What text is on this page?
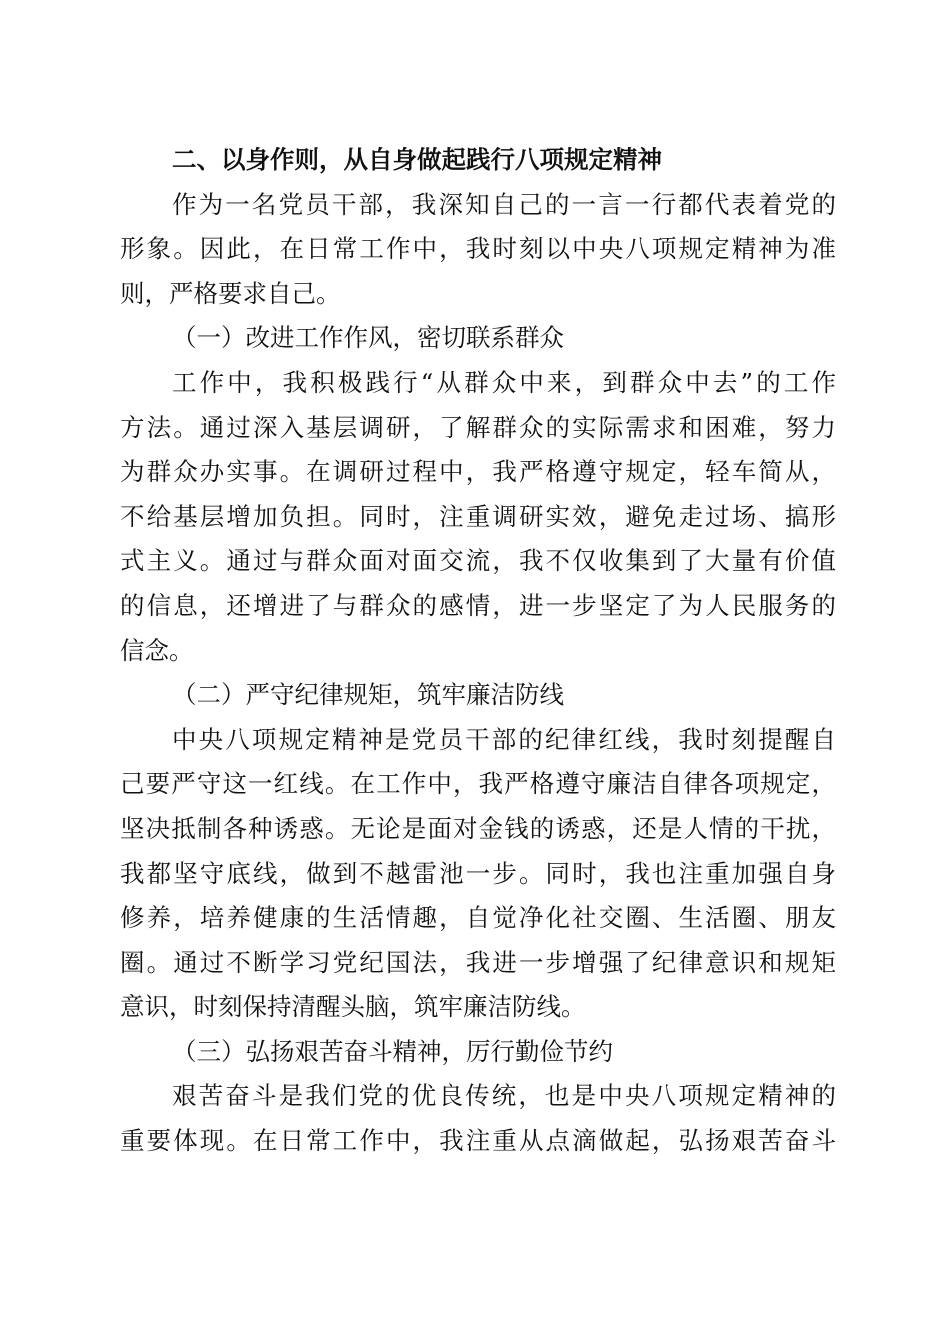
二、以身作则，从自身做起践行八项规定精神
作为一名党员干部，我深知自己的一言一行都代表着党的
形象。因此，在日常工作中，我时刻以中央八项规定精神为准
则，严格要求自己。
（一）改进工作作风，密切联系群众
工作中，我积极践行“从群众中来，到群众中去”的工作
方法。通过深入基层调研，了解群众的实际需求和困难，努力
为群众办实事。在调研过程中，我严格遵守规定，轻车简从，
不给基层增加负担。同时，注重调研实效，避免走过场、搞形
式主义。通过与群众面对面交流，我不仅收集到了大量有价值
的信息，还增进了与群众的感情，进一步坚定了为人民服务的
信念。
（二）严守纪律规矩，筑牢廉洁防线
中央八项规定精神是党员干部的纪律红线，我时刻提醒自
己要严守这一红线。在工作中，我严格遵守廉洁自律各项规定，
坚决抵制各种诱惑。无论是面对金钱的诱惑，还是人情的干扰，
我都坚守底线，做到不越雷池一步。同时，我也注重加强自身
修养，培养健康的生活情趣，自觉净化社交圈、生活圈、朋友
圈。通过不断学习党纪国法，我进一步增强了纪律意识和规矩
意识，时刻保持清醒头脑，筑牢廉洁防线。
（三）弘扬艰苦奋斗精神，厉行勤俭节约
艰苦奋斗是我们党的优良传统，也是中央八项规定精神的
重要体现。在日常工作中，我注重从点滴做起，弘扬艰苦奋斗
